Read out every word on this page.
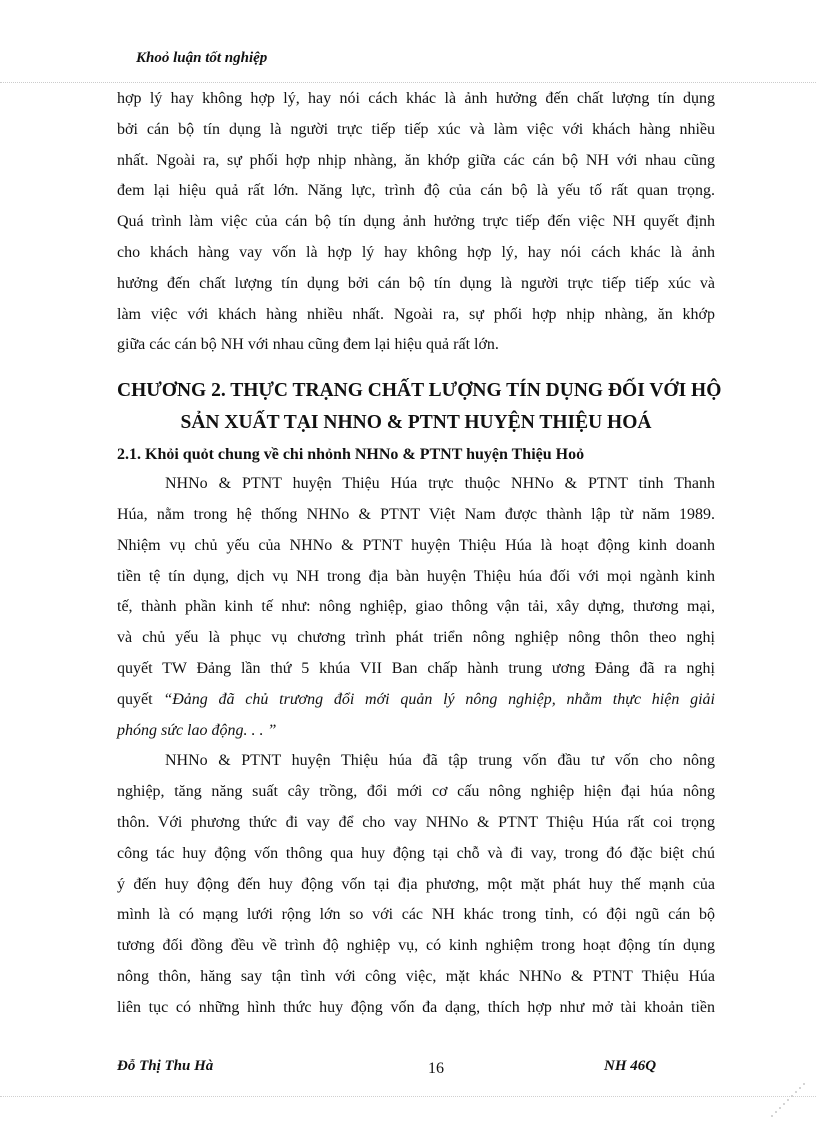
Khoỏ luận tốt nghiệp
hợp lý hay không hợp lý, hay nói cách khác là ảnh hưởng đến chất lượng tín dụng
bởi cán bộ tín dụng là người trực tiếp tiếp xúc và làm việc với khách hàng nhiều
nhất. Ngoài ra, sự phối hợp nhịp nhàng, ăn khớp giữa các cán bộ NH với nhau cũng
đem lại hiệu quả rất lớn. Năng lực, trình độ của cán bộ là yếu tố rất quan trọng.
Quá trình làm việc của cán bộ tín dụng ảnh hưởng trực tiếp đến việc NH quyết định
cho khách hàng vay vốn là hợp lý hay không hợp lý, hay nói cách khác là ảnh
hưởng đến chất lượng tín dụng bởi cán bộ tín dụng là người trực tiếp tiếp xúc và
làm việc với khách hàng nhiều nhất. Ngoài ra, sự phối hợp nhịp nhàng, ăn khớp
giữa các cán bộ NH với nhau cũng đem lại hiệu quả rất lớn.
CHƯƠNG 2. THỰC TRẠNG CHẤT LƯỢNG TÍN DỤNG ĐỐI VỚI HỘ
SẢN XUẤT TẠI NHNO & PTNT HUYỆN THIỆU HOÁ
2.1. Khỏi quỏt chung về chi nhỏnh NHNo & PTNT huyện Thiệu Hoỏ
NHNo & PTNT huyện Thiệu Húa trực thuộc NHNo & PTNT tỉnh Thanh
Húa, nằm trong hệ thống NHNo & PTNT Việt Nam được thành lập từ năm 1989.
Nhiệm vụ chủ yếu của NHNo & PTNT huyện Thiệu Húa là hoạt động kinh doanh
tiền tệ tín dụng, dịch vụ NH trong địa bàn huyện Thiệu húa đối với mọi ngành kinh
tế, thành phần kinh tế như: nông nghiệp, giao thông vận tải, xây dựng, thương mại,
và chủ yếu là phục vụ chương trình phát triển nông nghiệp nông thôn theo nghị
quyết TW Đảng lần thứ 5 khúa VII Ban chấp hành trung ương Đảng đã ra nghị
quyết “Đảng đã chủ trương đổi mới quản lý nông nghiệp, nhằm thực hiện giải
phóng sức lao động. . . ”
NHNo & PTNT huyện Thiệu húa đã tập trung vốn đầu tư vốn cho nông
nghiệp, tăng năng suất cây trồng, đổi mới cơ cấu nông nghiệp hiện đại húa nông
thôn. Với phương thức đi vay để cho vay NHNo & PTNT Thiệu Húa rất coi trọng
công tác huy động vốn thông qua huy động tại chỗ và đi vay, trong đó đặc biệt chú
ý đến huy động đến huy động vốn tại địa phương, một mặt phát huy thế mạnh của
mình là có mạng lưới rộng lớn so với các NH khác trong tỉnh, có đội ngũ cán bộ
tương đối đồng đều về trình độ nghiệp vụ, có kinh nghiệm trong hoạt động tín dụng
nông thôn, hăng say tận tình với công việc, mặt khác NHNo & PTNT Thiệu Húa
liên tục có những hình thức huy động vốn đa dạng, thích hợp như mở tài khoản tiền
Đỗ Thị Thu Hà	16	NH 46Q
